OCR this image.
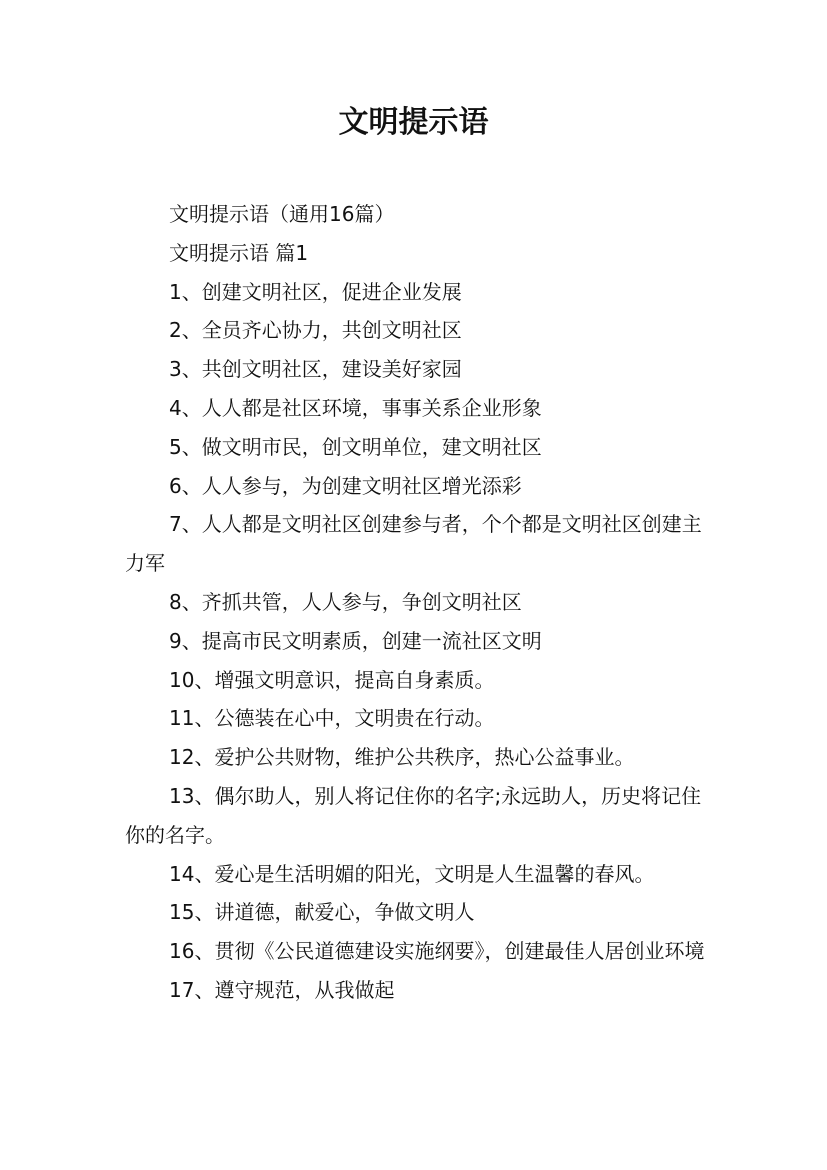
文明提示语

文明提示语（通用16篇）

文明提示语 篇1

1、创建文明社区，促进企业发展

2、全员齐心协力，共创文明社区

3、共创文明社区，建设美好家园

4、人人都是社区环境，事事关系企业形象

5、做文明市民，创文明单位，建文明社区

6、人人参与，为创建文明社区增光添彩

7、人人都是文明社区创建参与者，个个都是文明社区创建主力军

8、齐抓共管，人人参与，争创文明社区

9、提高市民文明素质，创建一流社区文明

10、增强文明意识，提高自身素质。

11、公德装在心中，文明贵在行动。

12、爱护公共财物，维护公共秩序，热心公益事业。

13、偶尔助人，别人将记住你的名字;永远助人，历史将记住你的名字。

14、爱心是生活明媚的阳光，文明是人生温馨的春风。

15、讲道德，献爱心，争做文明人

16、贯彻《公民道德建设实施纲要》，创建最佳人居创业环境

17、遵守规范，从我做起
